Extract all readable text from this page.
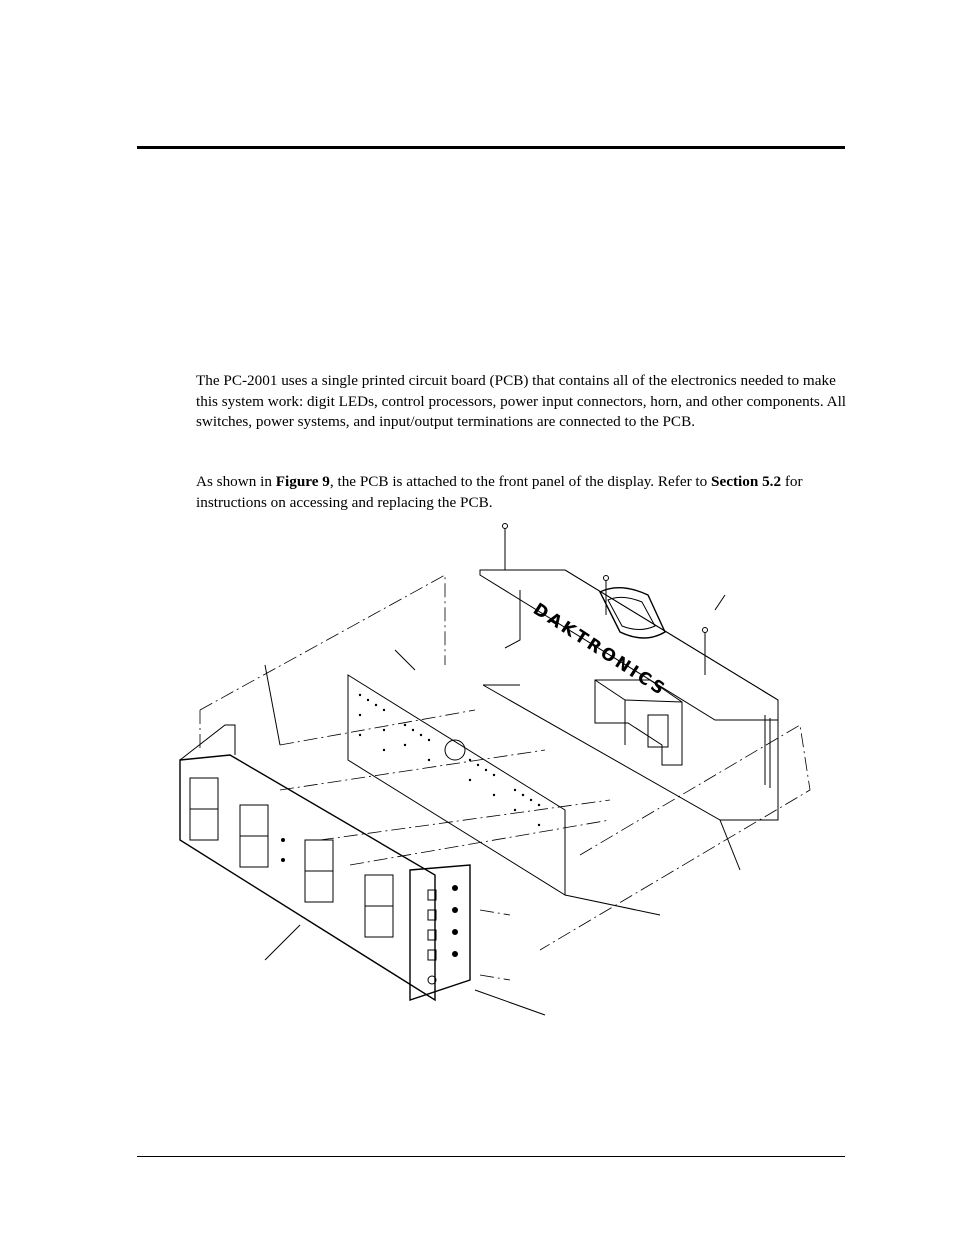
The PC-2001 uses a single printed circuit board (PCB) that contains all of the electronics needed to make this system work: digit LEDs, control processors, power input connectors, horn, and other components. All switches, power systems, and input/output terminations are connected to the PCB.

As shown in Figure 9, the PCB is attached to the front panel of the display. Refer to Section 5.2 for instructions on accessing and replacing the PCB.

DAKTRONICS
